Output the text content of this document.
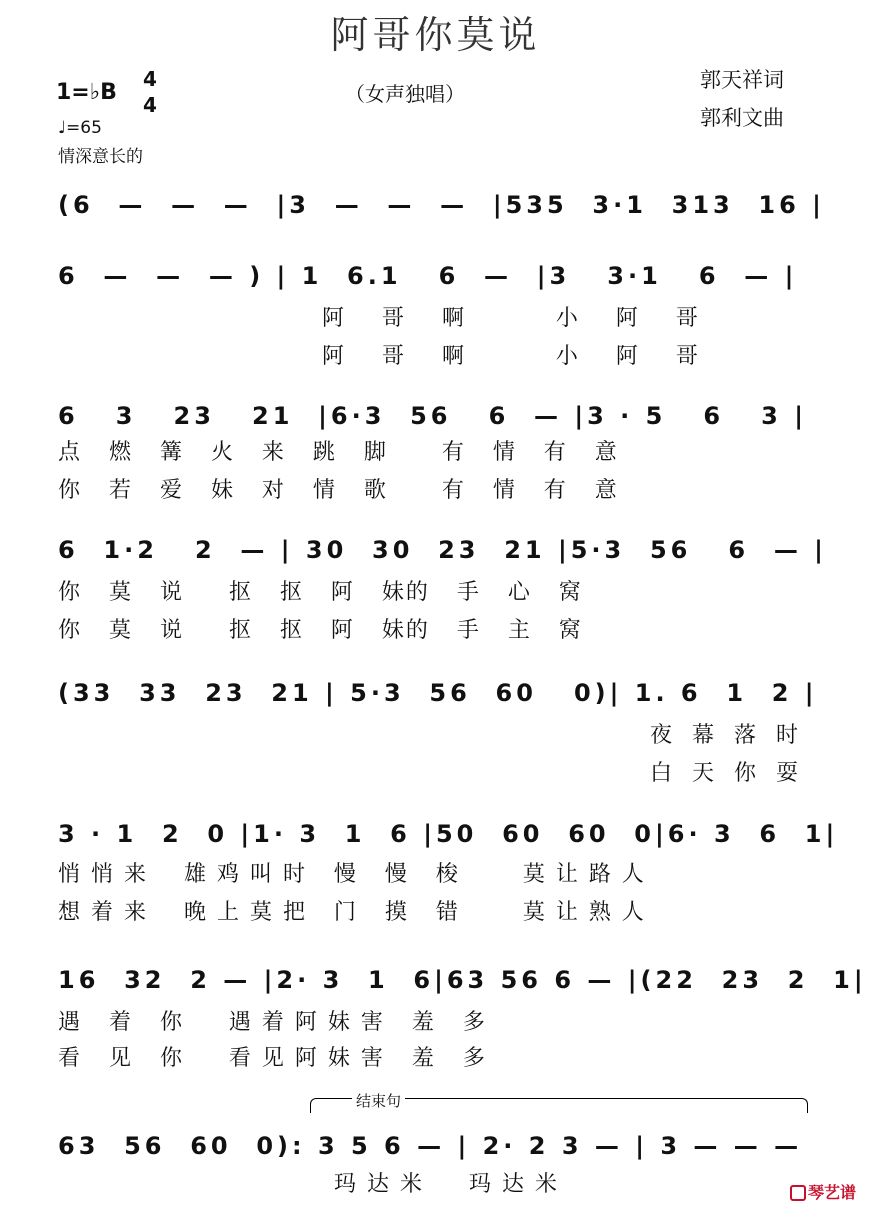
阿哥你莫说
（女声独唱）
郭天祥词
郭利文曲
1=♭B
4
4
♩=65
情深意长的
(6  —  —  —  |3  —  —  —  |535  3·1  313  16 |
6  —  —  — ) | 1  6.1   6  —  |3   3·1   6  — |
阿    哥    啊          小    阿    哥
阿    哥    啊          小    阿    哥
6   3   23   21  |6·3  56   6  — |3 · 5   6   3 |
点   燃   篝   火   来   跳   脚      有   情   有   意
你   若   爱   妹   对   情   歌      有   情   有   意
6  1·2   2  — | 30  30  23  21 |5·3  56   6  — |
你   莫   说     抠   抠   阿   妹的   手   心   窝
你   莫   说     抠   抠   阿   妹的   手   主   窝
(33  33  23  21 | 5·3  56  60   0)| 1. 6  1  2 |
夜  幕  落  时
白  天  你  耍
3 · 1  2  0 |1· 3  1  6 |50  60  60  0|6· 3  6  1|
悄 悄 来    雄 鸡 叫 时   慢   慢   梭       莫 让 路 人
想 着 来    晚 上 莫 把   门   摸   错       莫 让 熟 人
16  32  2 — |2· 3  1  6|63 56 6 — |(22  23  2  1|
遇   着   你     遇 着 阿 妹 害   羞   多
看   见   你     看 见 阿 妹 害   羞   多
结束句
63  56  60  0): 3 5 6 — | 2· 2 3 — | 3 — — —
玛 达 米     玛 达 米	琴艺谱
